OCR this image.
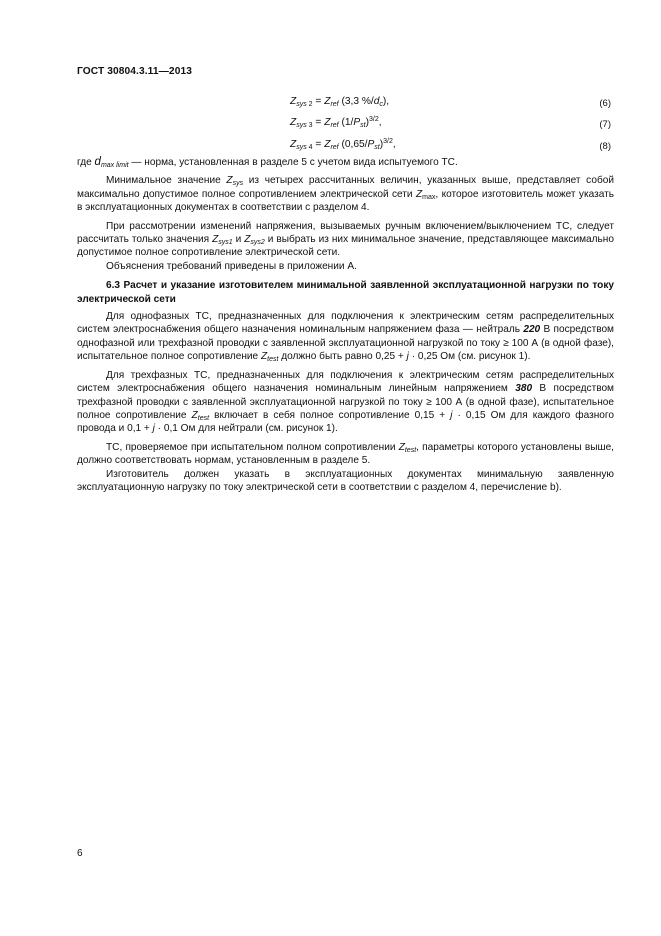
ГОСТ 30804.3.11—2013
$Z_{sys 2} = Z_{ref}$ (3,3 $\%/d_c$),	(6)
$Z_{sys 3} = Z_{ref}$ $(1/P_{st})^{3/2}$,	(7)
$Z_{sys 4} = Z_{ref}$ $(0,65/P_{st})^{3/2}$,	(8)

где $d_{max limit}$ — норма, установленная в разделе 5 с учетом вида испытуемого ТС.

Минимальное значение $Z_{sys}$ из четырех рассчитанных величин, указанных выше, представляет собой максимально допустимое полное сопротивлением электрической сети $Z_{max}$, которое изготовитель может указать в эксплуатационных документах в соответствии с разделом 4.

При рассмотрении изменений напряжения, вызываемых ручным включением/выключением ТС, следует рассчитать только значения $Z_{sys1}$ и $Z_{sys2}$ и выбрать из них минимальное значение, представляющее максимально допустимое полное сопротивление электрической сети.

Объяснения требований приведены в приложении А.

6.3 Расчет и указание изготовителем минимальной заявленной эксплуатационной нагрузки по току электрической сети

Для однофазных ТС, предназначенных для подключения к электрическим сетям распределительных систем электроснабжения общего назначения номинальным напряжением фаза — нейтраль 220 В посредством однофазной или трехфазной проводки с заявленной эксплуатационной нагрузкой по току ≥ 100 А (в одной фазе), испытательное полное сопротивление $Z_{test}$ должно быть равно 0,25 + j · 0,25 Ом (см. рисунок 1).

Для трехфазных ТС, предназначенных для подключения к электрическим сетям распределительных систем электроснабжения общего назначения номинальным линейным напряжением 380 В посредством трехфазной проводки с заявленной эксплуатационной нагрузкой по току ≥ 100 А (в одной фазе), испытательное полное сопротивление $Z_{test}$ включает в себя полное сопротивление 0,15 + j · 0,15 Ом для каждого фазного провода и 0,1 + j · 0,1 Ом для нейтрали (см. рисунок 1).

ТС, проверяемое при испытательном полном сопротивлении $Z_{test}$, параметры которого установлены выше, должно соответствовать нормам, установленным в разделе 5.

Изготовитель должен указать в эксплуатационных документах минимальную заявленную эксплуатационную нагрузку по току электрической сети в соответствии с разделом 4, перечисление b).

6
